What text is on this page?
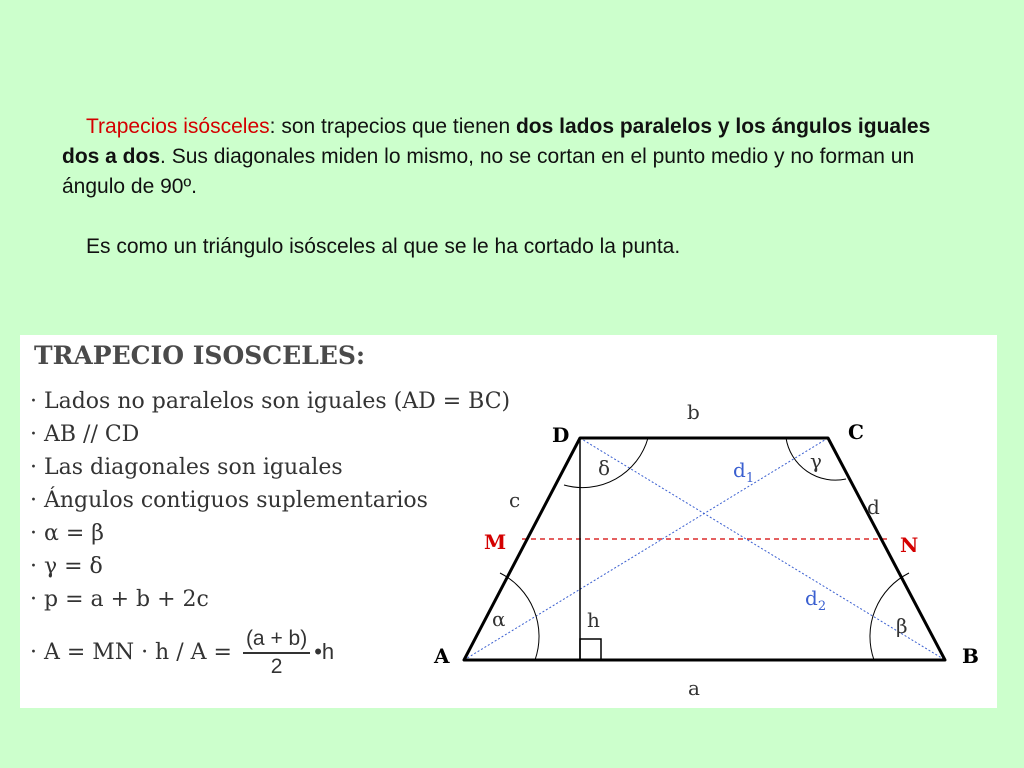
Trapecios isósceles: son trapecios que tienen dos lados paralelos y los ángulos iguales dos a dos. Sus diagonales miden lo mismo, no se cortan en el punto medio y no forman un ángulo de 90º.

Es como un triángulo isósceles al que se le ha cortado la punta.

TRAPECIO ISOSCELES:
· Lados no paralelos son iguales (AD = BC)
· AB // CD
· Las diagonales son iguales
· Ángulos contiguos suplementarios
· α = β
· γ = δ
· p = a + b + 2c
· A = MN · $h / A = \frac{(a + b)}{2}$ •h	A	B
C
D
M	N
b
a
c	d
h
$d_1$
$d_2$
α	β
γ
δ
